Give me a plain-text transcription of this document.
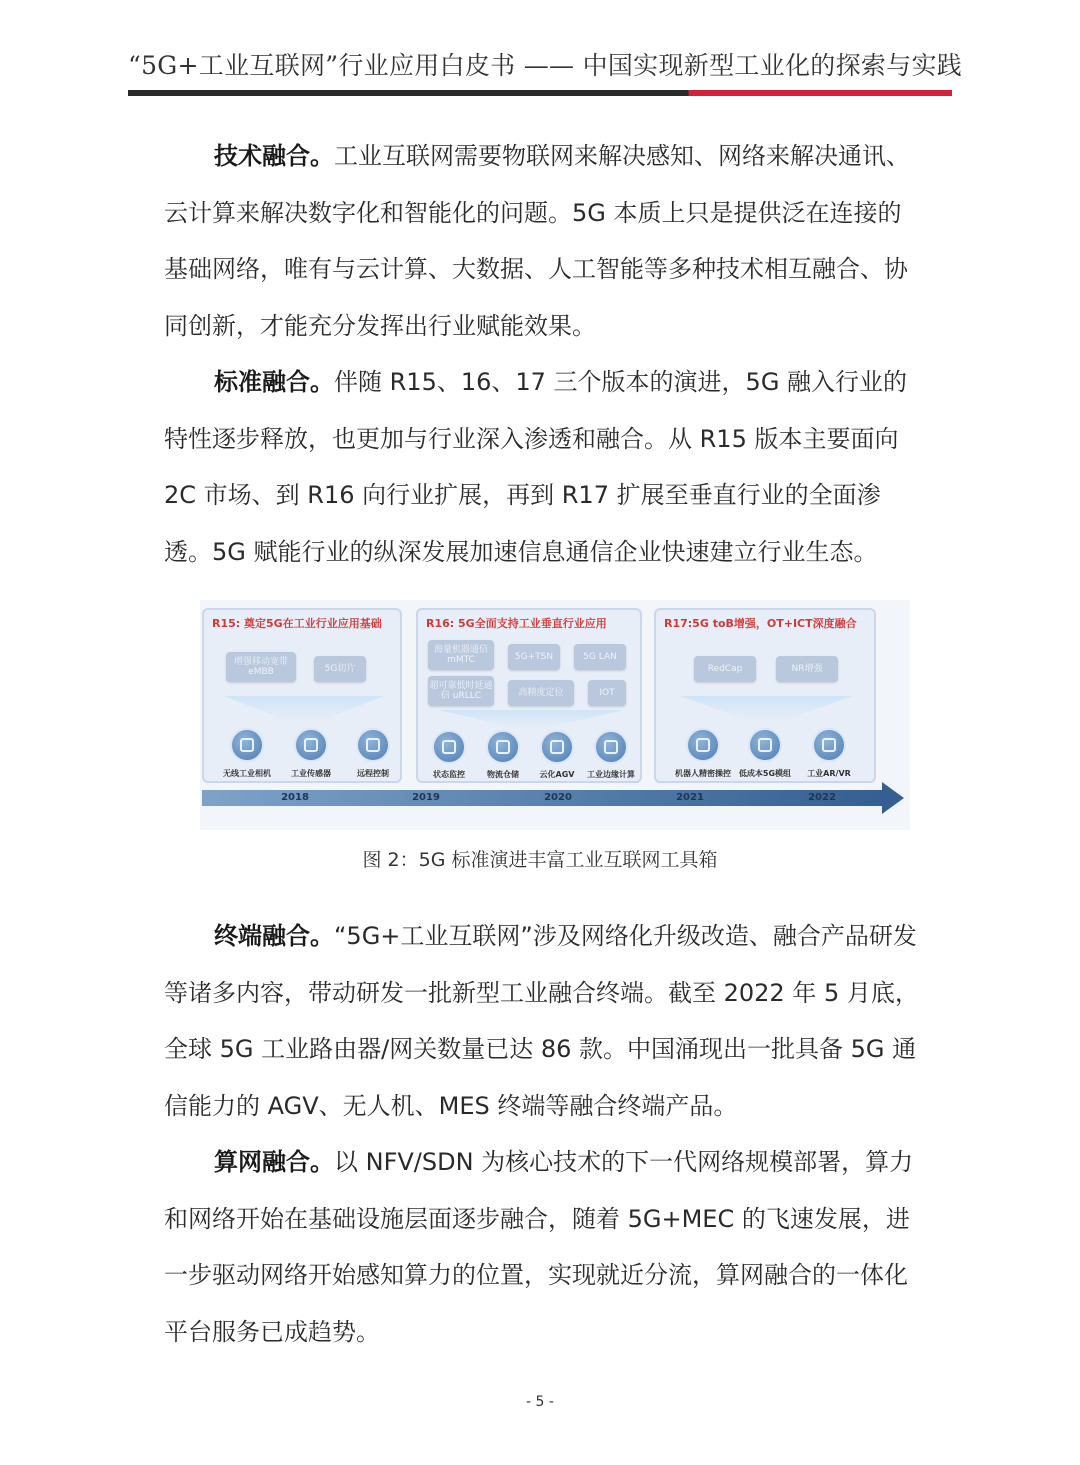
“5G+工业互联网”行业应用白皮书 —— 中国实现新型工业化的探索与实践

技术融合。工业互联网需要物联网来解决感知、网络来解决通讯、云计算来解决数字化和智能化的问题。5G 本质上只是提供泛在连接的基础网络，唯有与云计算、大数据、人工智能等多种技术相互融合、协同创新，才能充分发挥出行业赋能效果。

标准融合。伴随 R15、16、17 三个版本的演进，5G 融入行业的特性逐步释放，也更加与行业深入渗透和融合。从 R15 版本主要面向 2C 市场、到 R16 向行业扩展，再到 R17 扩展至垂直行业的全面渗透。5G 赋能行业的纵深发展加速信息通信企业快速建立行业生态。

R15: 奠定5G在工业行业应用基础
增强移动宽带 eMBB	5G切片
无线工业相机	工业传感器	远程控制
R16: 5G全面支持工业垂直行业应用
海量机器通信 mMTC	5G+TSN	5G LAN
超可靠低时延通信 uRLLC	高精度定位	IOT
状态监控	物流仓储	云化AGV 工业边缘计算
R17:5G toB增强，OT+ICT深度融合
RedCap	NR增强
机器人精密操控 低成本5G模组 工业AR/VR
2018	2019	2020	2021	2022
图 2：5G 标准演进丰富工业互联网工具箱

终端融合。“5G+工业互联网”涉及网络化升级改造、融合产品研发等诸多内容，带动研发一批新型工业融合终端。截至 2022 年 5 月底，全球 5G 工业路由器/网关数量已达 86 款。中国涌现出一批具备 5G 通信能力的 AGV、无人机、MES 终端等融合终端产品。

算网融合。以 NFV/SDN 为核心技术的下一代网络规模部署，算力和网络开始在基础设施层面逐步融合，随着 5G+MEC 的飞速发展，进一步驱动网络开始感知算力的位置，实现就近分流，算网融合的一体化平台服务已成趋势。

- 5 -
